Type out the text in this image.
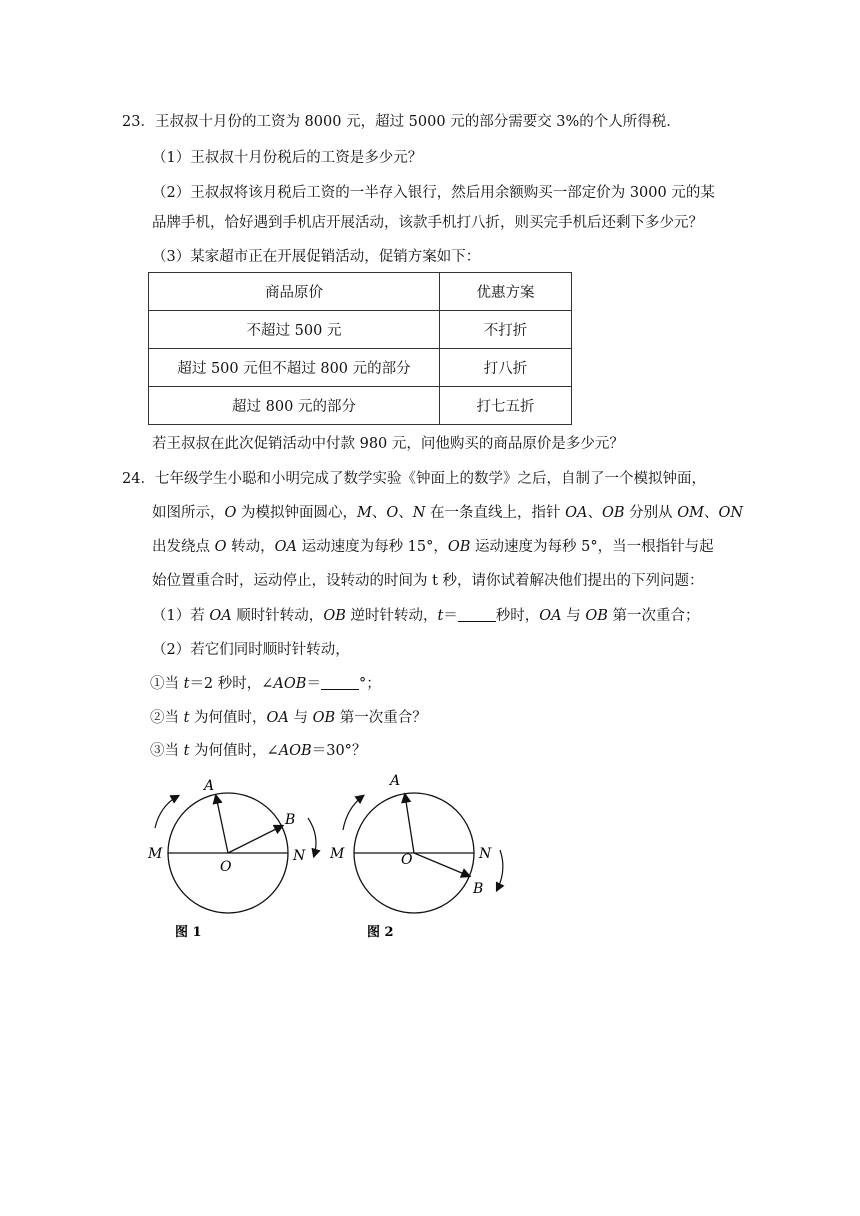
23．王叔叔十月份的工资为 8000 元，超过 5000 元的部分需要交 3%的个人所得税．
（1）王叔叔十月份税后的工资是多少元？
（2）王叔叔将该月税后工资的一半存入银行，然后用余额购买一部定价为 3000 元的某
品牌手机，恰好遇到手机店开展活动，该款手机打八折，则买完手机后还剩下多少元？
（3）某家超市正在开展促销活动，促销方案如下：
商品原价	优惠方案
不超过 500 元	不打折
超过 500 元但不超过 800 元的部分	打八折
超过 800 元的部分	打七五折
若王叔叔在此次促销活动中付款 980 元，问他购买的商品原价是多少元？
24．七年级学生小聪和小明完成了数学实验《钟面上的数学》之后，自制了一个模拟钟面，
如图所示，O 为模拟钟面圆心，M、O、N 在一条直线上，指针 OA、OB 分别从 OM、ON
出发绕点 O 转动，OA 运动速度为每秒 15°，OB 运动速度为每秒 5°，当一根指针与起
始位置重合时，运动停止，设转动的时间为 t 秒，请你试着解决他们提出的下列问题：
（1）若 OA 顺时针转动，OB 逆时针转动，t＝	秒时，OA 与 OB 第一次重合；
（2）若它们同时顺时针转动，
①当 t＝2 秒时，∠AOB＝	°；
②当 t 为何值时，OA 与 OB 第一次重合？
③当 t 为何值时，∠AOB＝30°？
A
B
M
O
N
图 1
A
B
M	O	N
图 2
